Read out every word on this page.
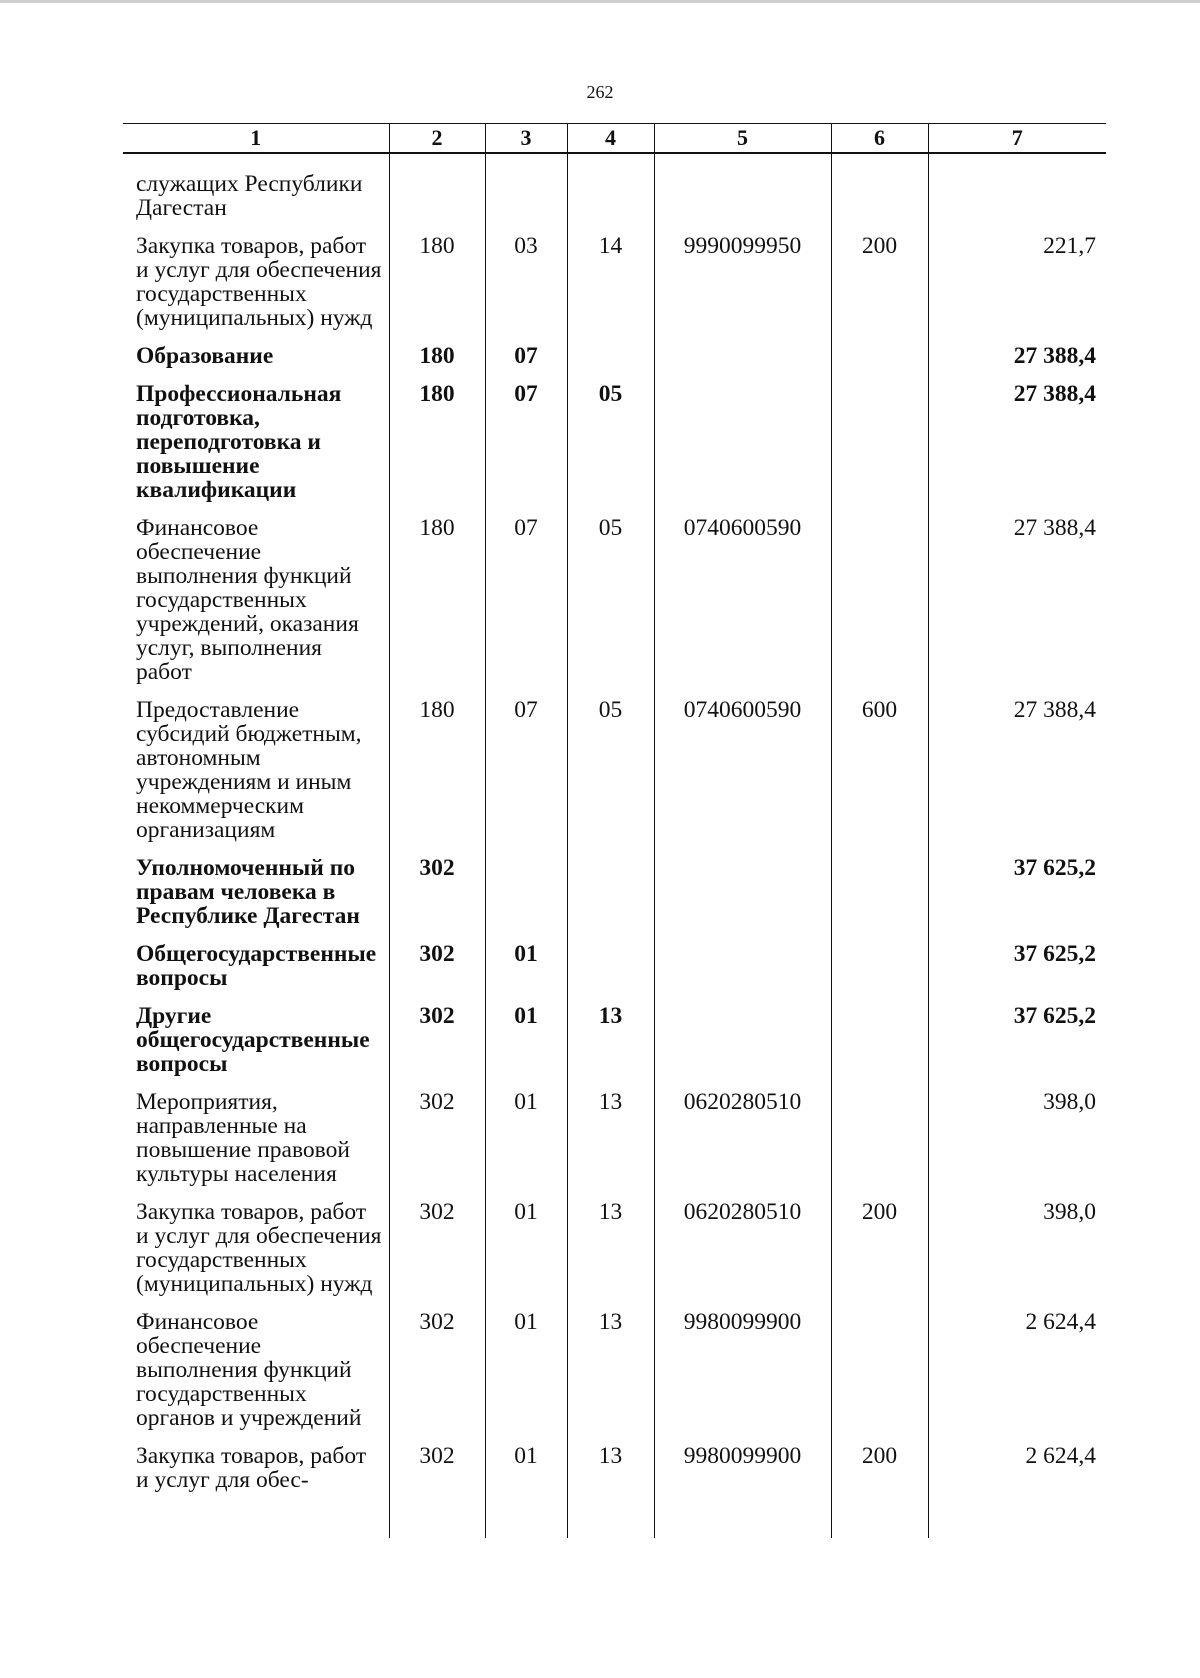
262
1	2	3	4	5	6	7

служащих Республики Дагестан						
Закупка товаров, работ и услуг для обеспечения государственных (муниципальных) нужд	180	03	14	9990099950	200	221,7
Образование	180	07				27 388,4
Профессиональная подготовка, переподготовка и повышение квалификации	180	07	05			27 388,4
Финансовое обеспечение выполнения функций государственных учреждений, оказания услуг, выполнения работ	180	07	05	0740600590		27 388,4
Предоставление субсидий бюджетным, автономным учреждениям и иным некоммерческим организациям	180	07	05	0740600590	600	27 388,4
Уполномоченный по правам человека в Республике Дагестан	302					37 625,2
Общегосударственные вопросы	302	01				37 625,2
Другие общегосударственные вопросы	302	01	13			37 625,2
Мероприятия, направленные на повышение правовой культуры населения	302	01	13	0620280510		398,0
Закупка товаров, работ и услуг для обеспечения государственных (муниципальных) нужд	302	01	13	0620280510	200	398,0
Финансовое обеспечение выполнения функций государственных органов и учреждений	302	01	13	9980099900		2 624,4
Закупка товаров, работ и услуг для обес-	302	01	13	9980099900	200	2 624,4
